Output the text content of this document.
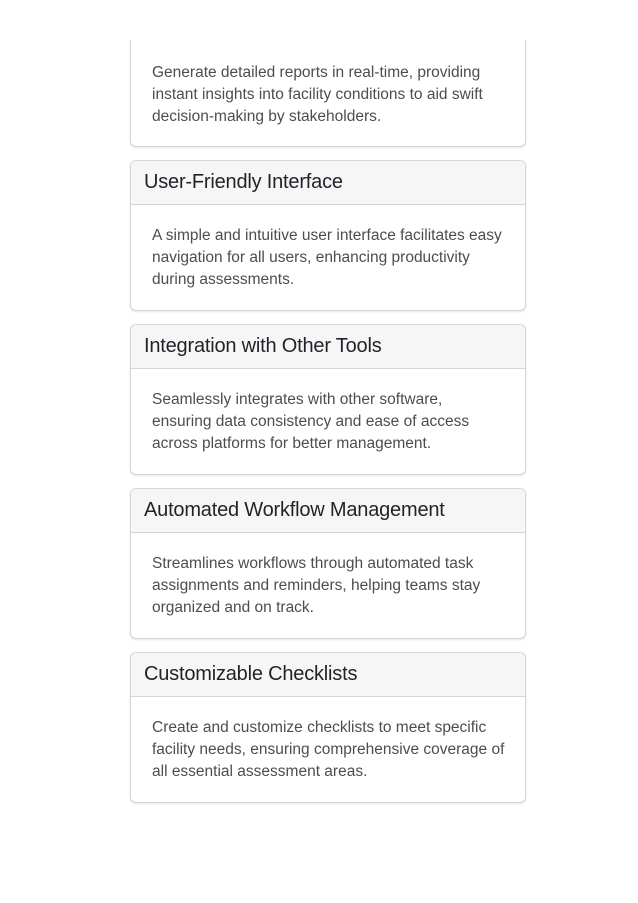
Generate detailed reports in real-time, providing instant insights into facility conditions to aid swift decision-making by stakeholders.
User-Friendly Interface
A simple and intuitive user interface facilitates easy navigation for all users, enhancing productivity during assessments.
Integration with Other Tools
Seamlessly integrates with other software, ensuring data consistency and ease of access across platforms for better management.
Automated Workflow Management
Streamlines workflows through automated task assignments and reminders, helping teams stay organized and on track.
Customizable Checklists
Create and customize checklists to meet specific facility needs, ensuring comprehensive coverage of all essential assessment areas.
